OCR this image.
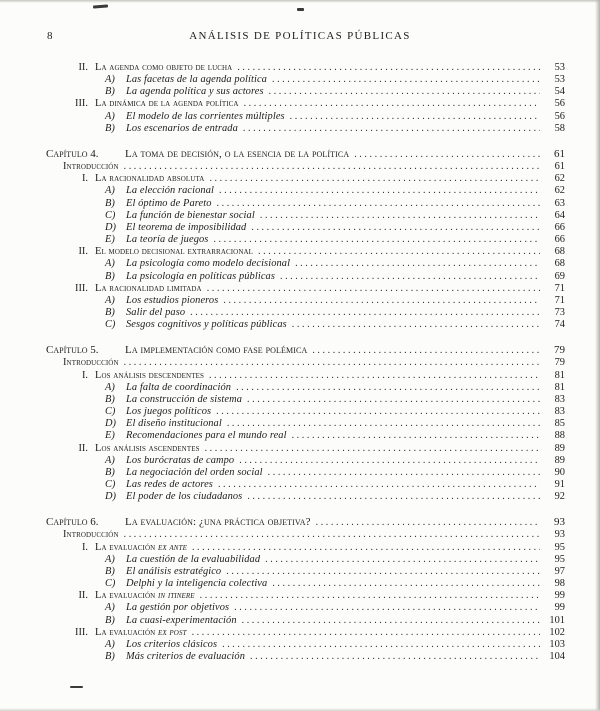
8	ANÁLISIS DE POLÍTICAS PÚBLICAS
II. La agenda como objeto de lucha .....	53
A)	Las facetas de la agenda política .....	53
B)	La agenda política y sus actores .....	54
III. La dinámica de la agenda política .....	56
A)	El modelo de las corrientes múltiples .....	56
B)	Los escenarios de entrada .....	58
Capítulo 4.	La toma de decisión, o la esencia de la política .....	61
Introducción .....	61
I. La racionalidad absoluta .....	62
A)	La elección racional .....	62
B)	El óptimo de Pareto .....	63
C)	La función de bienestar social .....	64
D) El teorema de imposibilidad .....	66
E)	La teoría de juegos .....	66
II. El modelo decisional extrarracional .....	68
A)	La psicología como modelo decisional .....	68
B)	La psicología en políticas públicas .....	69
III. La racionalidad limitada .....	71
A)	Los estudios pioneros .....	71
B)	Salir del paso .....	73
C)	Sesgos cognitivos y políticas públicas .....	74
Capítulo 5.	La implementación como fase polémica .....	79
Introducción .....	79
I. Los análisis descendentes .....	81
A)	La falta de coordinación .....	81
B)	La construcción de sistema .....	83
C)	Los juegos políticos .....	83
D) El diseño institucional .....	85
E)	Recomendaciones para el mundo real .....	88
II. Los análisis ascendentes .....	89
A)	Los burócratas de campo .....	89
B)	La negociación del orden social .....	90
C)	Las redes de actores .....	91
D) El poder de los ciudadanos .....	92
Capítulo 6.	La evaluación: ¿una práctica objetiva? .....	93
Introducción .....	93
I. La evaluación ex ante .....	95
A)	La cuestión de la evaluabilidad .....	95
B)	El análisis estratégico .....	97
C)	Delphi y la inteligencia colectiva .....	98
II. La evaluación in itinere .....	99
A)	La gestión por objetivos .....	99
B)	La cuasi-experimentación .....	101
III. La evaluación ex post .....	102
A)	Los criterios clásicos .....	103
B)	Más criterios de evaluación .....	104
